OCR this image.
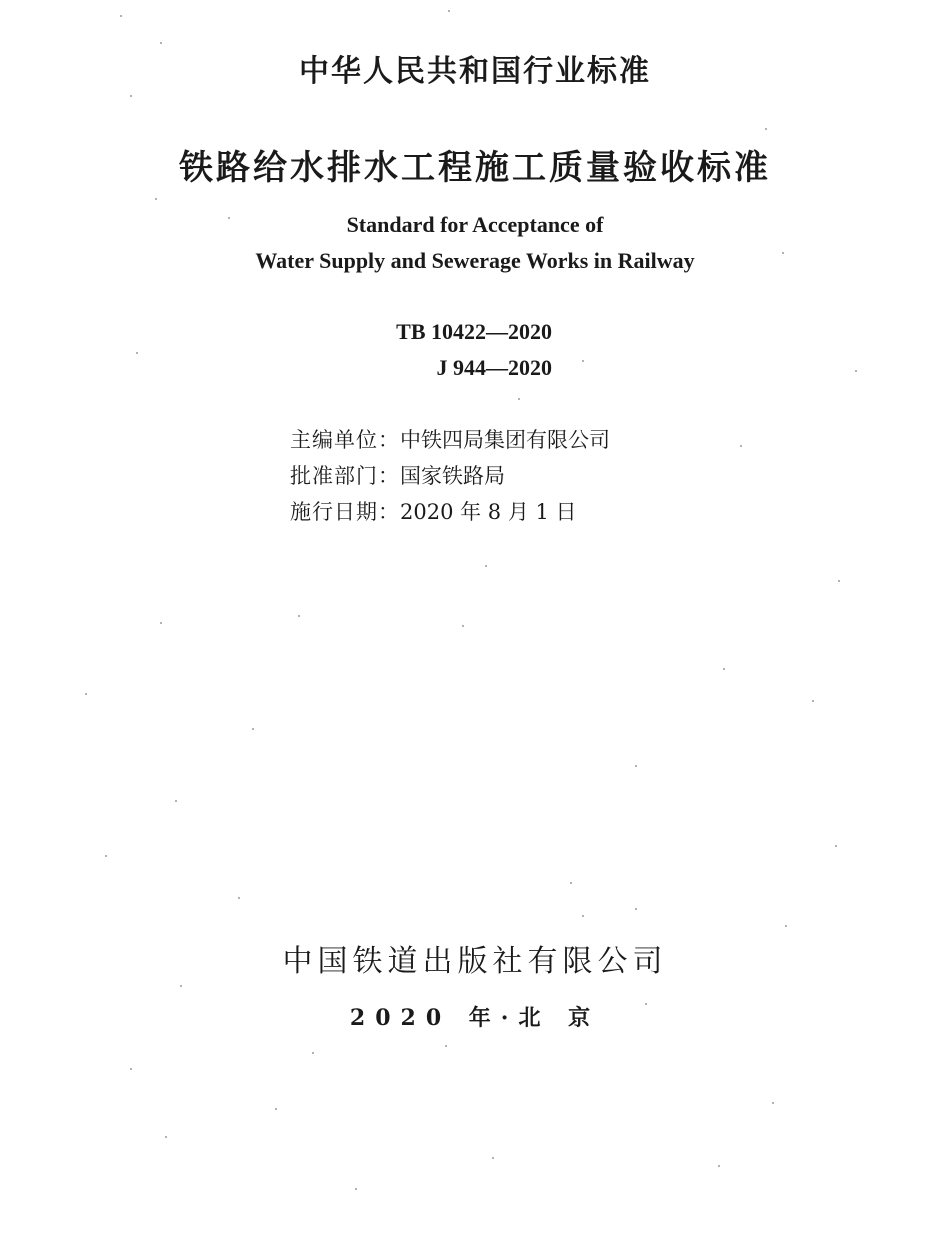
中华人民共和国行业标准
铁路给水排水工程施工质量验收标准
Standard for Acceptance of
Water Supply and Sewerage Works in Railway
TB 10422—2020
J 944—2020
主编单位：中铁四局集团有限公司
批准部门：国家铁路局
施行日期：2020 年 8 月 1 日
中国铁道出版社有限公司
2020 年·北 京
